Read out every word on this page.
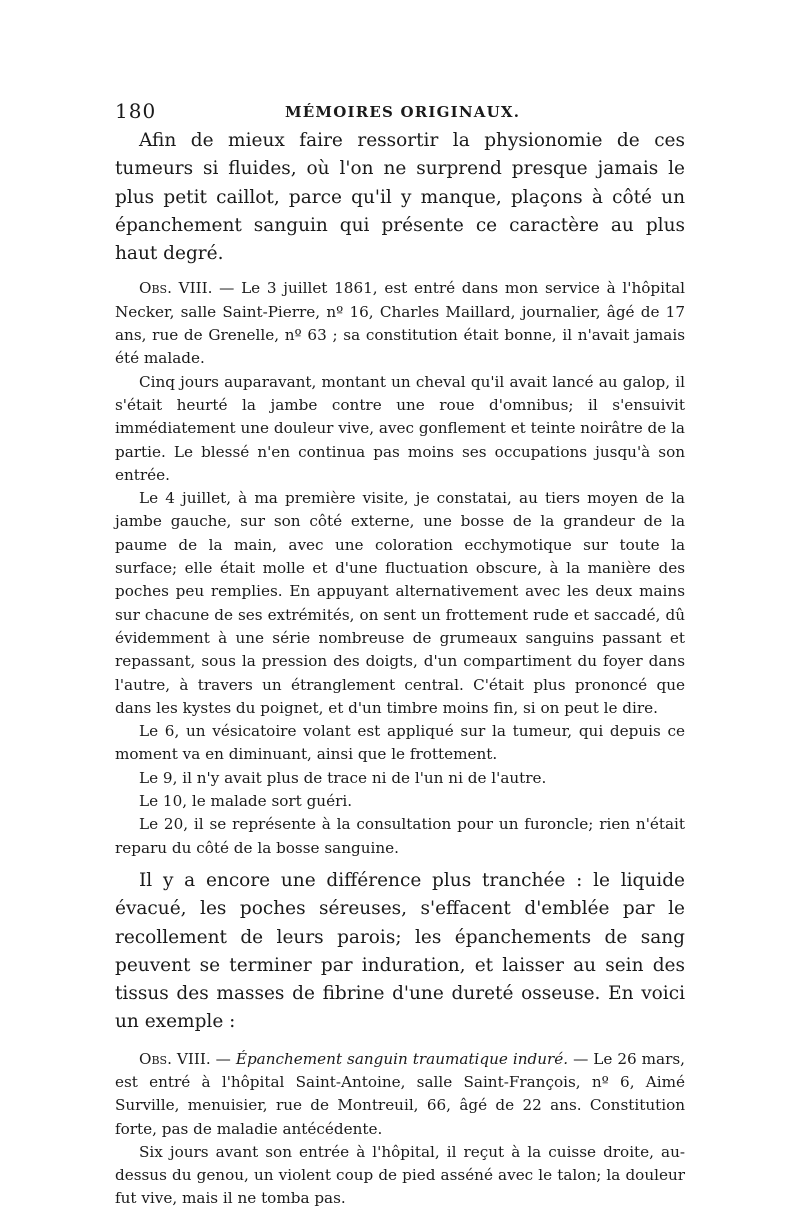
180	MÉMOIRES ORIGINAUX.

Afin de mieux faire ressortir la physionomie de ces tumeurs si fluides, où l'on ne surprend presque jamais le plus petit caillot, parce qu'il y manque, plaçons à côté un épanchement sanguin qui présente ce caractère au plus haut degré.

Obs. VIII. — Le 3 juillet 1861, est entré dans mon service à l'hôpital Necker, salle Saint-Pierre, nº 16, Charles Maillard, journalier, âgé de 17 ans, rue de Grenelle, nº 63 ; sa constitution était bonne, il n'avait jamais été malade.

Cinq jours auparavant, montant un cheval qu'il avait lancé au galop, il s'était heurté la jambe contre une roue d'omnibus; il s'ensuivit immédiatement une douleur vive, avec gonflement et teinte noirâtre de la partie. Le blessé n'en continua pas moins ses occupations jusqu'à son entrée.

Le 4 juillet, à ma première visite, je constatai, au tiers moyen de la jambe gauche, sur son côté externe, une bosse de la grandeur de la paume de la main, avec une coloration ecchymotique sur toute la surface; elle était molle et d'une fluctuation obscure, à la manière des poches peu remplies. En appuyant alternativement avec les deux mains sur chacune de ses extrémités, on sent un frottement rude et saccadé, dû évidemment à une série nombreuse de grumeaux sanguins passant et repassant, sous la pression des doigts, d'un compartiment du foyer dans l'autre, à travers un étranglement central. C'était plus prononcé que dans les kystes du poignet, et d'un timbre moins fin, si on peut le dire.

Le 6, un vésicatoire volant est appliqué sur la tumeur, qui depuis ce moment va en diminuant, ainsi que le frottement.

Le 9, il n'y avait plus de trace ni de l'un ni de l'autre.

Le 10, le malade sort guéri.

Le 20, il se représente à la consultation pour un furoncle; rien n'était reparu du côté de la bosse sanguine.

Il y a encore une différence plus tranchée : le liquide évacué, les poches séreuses, s'effacent d'emblée par le recollement de leurs parois; les épanchements de sang peuvent se terminer par induration, et laisser au sein des tissus des masses de fibrine d'une dureté osseuse. En voici un exemple :

Obs. VIII. — Épanchement sanguin traumatique induré. — Le 26 mars, est entré à l'hôpital Saint-Antoine, salle Saint-François, nº 6, Aimé Surville, menuisier, rue de Montreuil, 66, âgé de 22 ans. Constitution forte, pas de maladie antécédente.

Six jours avant son entrée à l'hôpital, il reçut à la cuisse droite, au-dessus du genou, un violent coup de pied asséné avec le talon; la douleur fut vive, mais il ne tomba pas.
